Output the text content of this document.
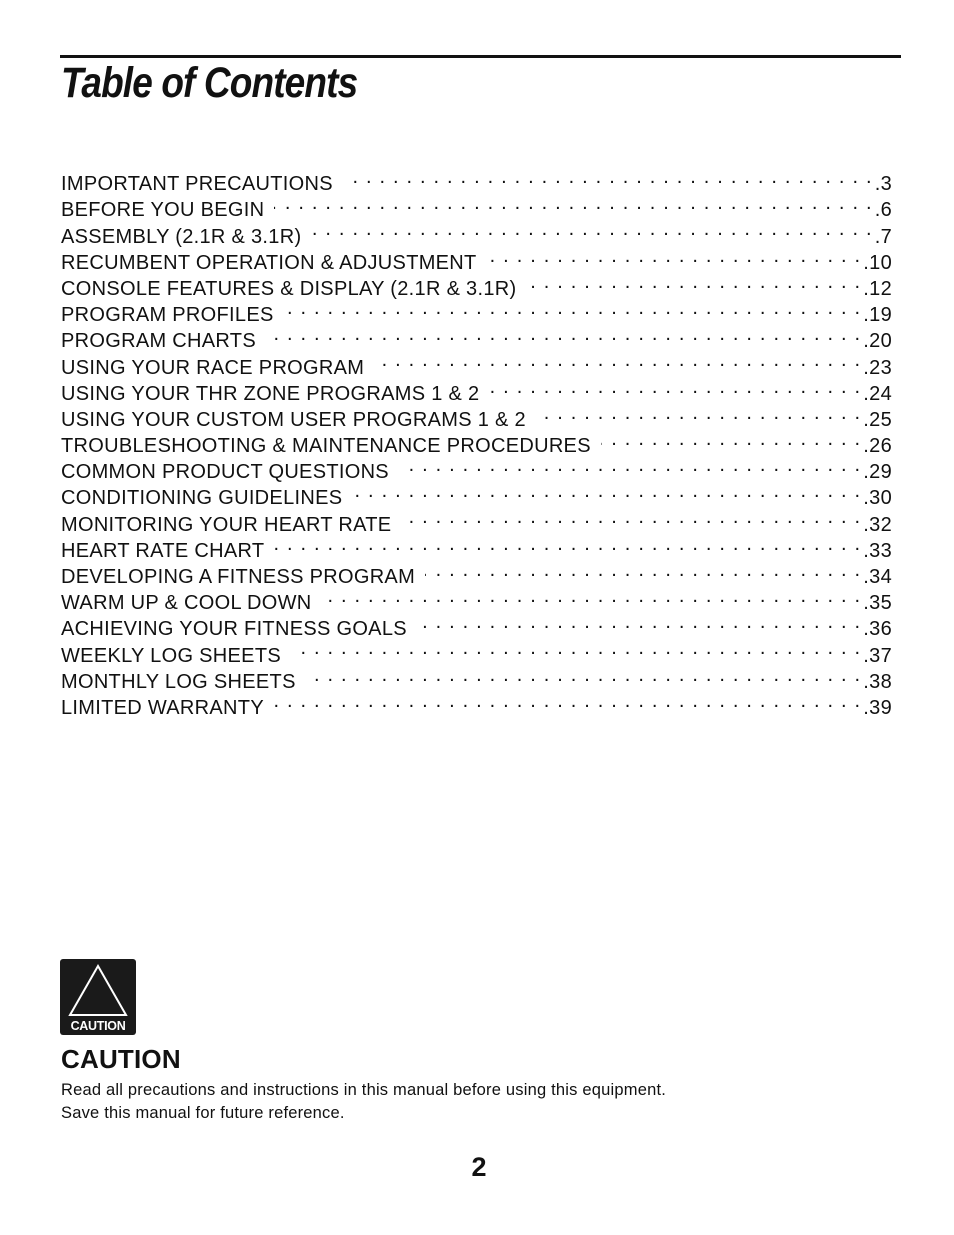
Table of Contents
IMPORTANT PRECAUTIONS . . .	.3
BEFORE YOU BEGIN . . .	.6
ASSEMBLY (2.1R & 3.1R) . . .	.7
RECUMBENT OPERATION & ADJUSTMENT . . .	.10
CONSOLE FEATURES & DISPLAY (2.1R & 3.1R) . . .	.12
PROGRAM PROFILES . . .	.19
PROGRAM CHARTS . . .	.20
USING YOUR RACE PROGRAM . . .	.23
USING YOUR THR ZONE PROGRAMS 1 & 2 . . .	.24
USING YOUR CUSTOM USER PROGRAMS 1 & 2 . . .	.25
TROUBLESHOOTING & MAINTENANCE PROCEDURES . . .	.26
COMMON PRODUCT QUESTIONS . . .	.29
CONDITIONING GUIDELINES . . .	.30
MONITORING YOUR HEART RATE . . .	.32
HEART RATE CHART . . .	.33
DEVELOPING A FITNESS PROGRAM . . .	.34
WARM UP & COOL DOWN . . .	.35
ACHIEVING YOUR FITNESS GOALS . . .	.36
WEEKLY LOG SHEETS . . .	.37
MONTHLY LOG SHEETS . . .	.38
LIMITED WARRANTY . . .	.39
CAUTION
CAUTION

Read all precautions and instructions in this manual before using this equipment.
Save this manual for future reference.

2
